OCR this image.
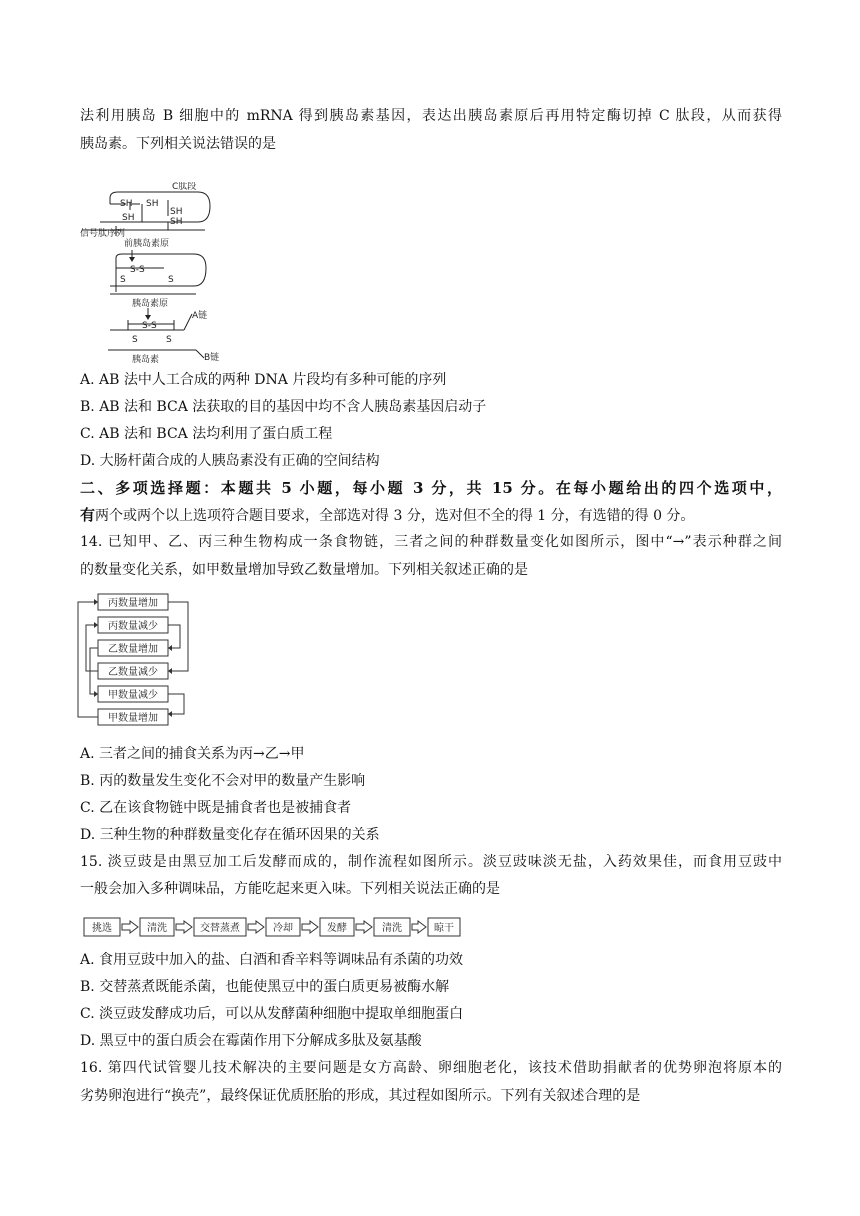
法利用胰岛 B 细胞中的 mRNA 得到胰岛素基因，表达出胰岛素原后再用特定酶切掉 C 肽段，从而获得
胰岛素。下列相关说法错误的是
C肽段
SH SH
SH
SH
SH
信号肽序列
前胰岛素原
S-S
S	S
胰岛素原
S-S
S	S
A链
胰岛素	B链
A. AB 法中人工合成的两种 DNA 片段均有多种可能的序列
B. AB 法和 BCA 法获取的目的基因中均不含人胰岛素基因启动子
C. AB 法和 BCA 法均利用了蛋白质工程
D. 大肠杆菌合成的人胰岛素没有正确的空间结构
二、多项选择题：本题共 5 小题，每小题 3 分，共 15 分。在每小题给出的四个选项中，
有两个或两个以上选项符合题目要求，全部选对得 3 分，选对但不全的得 1 分，有选错的得 0 分。
14. 已知甲、乙、丙三种生物构成一条食物链，三者之间的种群数量变化如图所示，图中“→”表示种群之间
的数量变化关系，如甲数量增加导致乙数量增加。下列相关叙述正确的是
丙数量增加
丙数量减少
乙数量增加
乙数量减少
甲数量减少
甲数量增加
A. 三者之间的捕食关系为丙→乙→甲
B. 丙的数量发生变化不会对甲的数量产生影响
C. 乙在该食物链中既是捕食者也是被捕食者
D. 三种生物的种群数量变化存在循环因果的关系
15. 淡豆豉是由黑豆加工后发酵而成的，制作流程如图所示。淡豆豉味淡无盐，入药效果佳，而食用豆豉中
一般会加入多种调味品，方能吃起来更入味。下列相关说法正确的是
挑选	清洗	交替蒸煮	冷却	发酵	清洗	晾干
A. 食用豆豉中加入的盐、白酒和香辛料等调味品有杀菌的功效
B. 交替蒸煮既能杀菌，也能使黑豆中的蛋白质更易被酶水解
C. 淡豆豉发酵成功后，可以从发酵菌种细胞中提取单细胞蛋白
D. 黑豆中的蛋白质会在霉菌作用下分解成多肽及氨基酸
16. 第四代试管婴儿技术解决的主要问题是女方高龄、卵细胞老化，该技术借助捐献者的优势卵泡将原本的
劣势卵泡进行“换壳”，最终保证优质胚胎的形成，其过程如图所示。下列有关叙述合理的是
